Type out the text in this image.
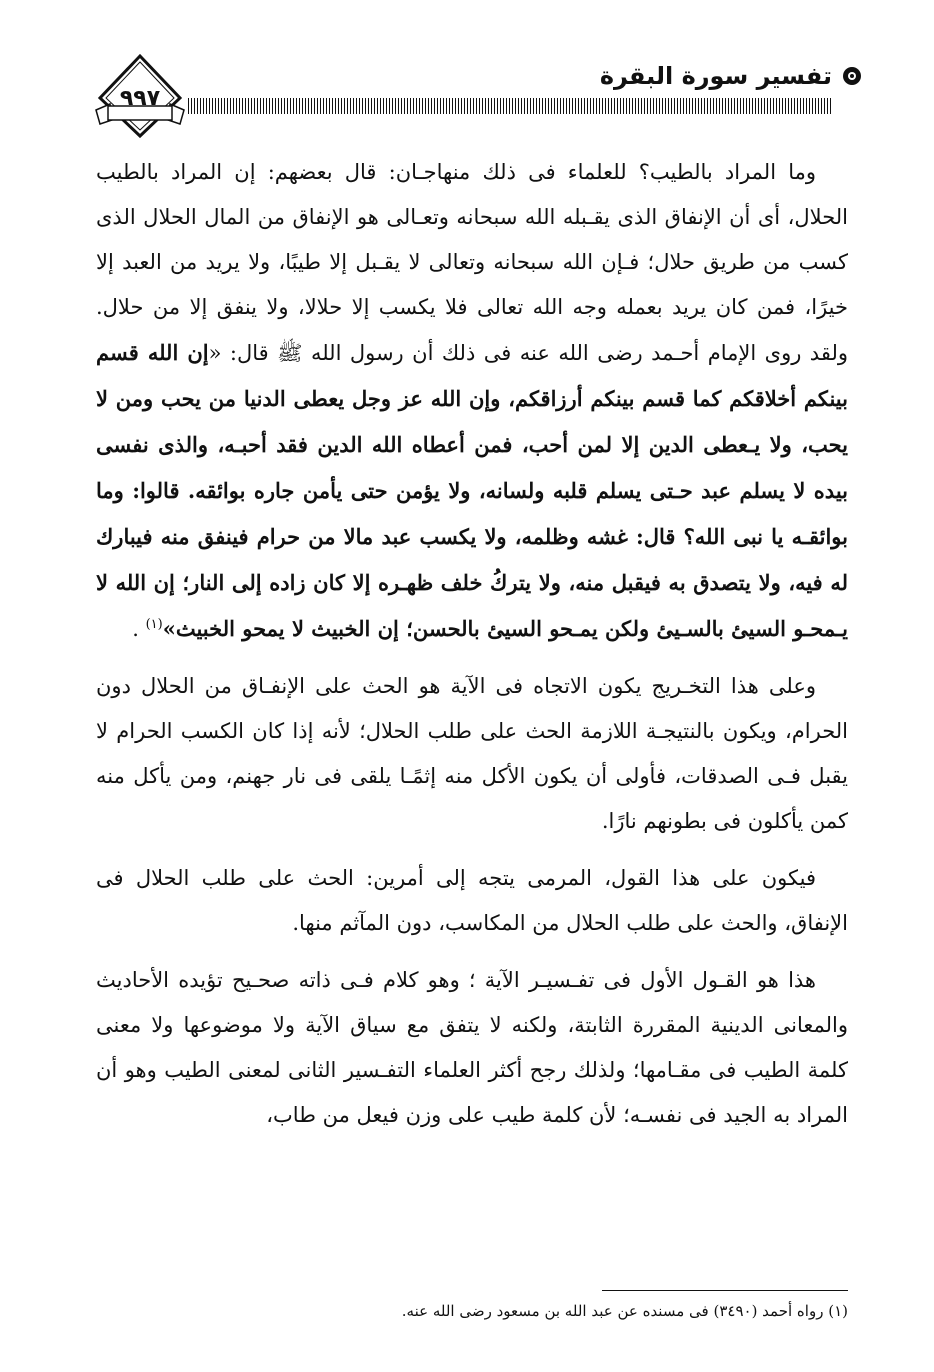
تفسير سورة البقرة
٩٩٧

وما المراد بالطيب؟ للعلماء فى ذلك منهاجـان: قال بعضهم: إن المراد بالطيب الحلال، أى أن الإنفاق الذى يقـبله الله سبحانه وتعـالى هو الإنفاق من المال الحلال الذى كسب من طريق حلال؛ فـإن الله سبحانه وتعالى لا يقـبل إلا طيبًا، ولا يريد من العبد إلا خيرًا، فمن كان يريد بعمله وجه الله تعالى فلا يكسب إلا حلالا، ولا ينفق إلا من حلال. ولقد روى الإمام أحـمد رضى الله عنه فى ذلك أن رسول الله ﷺ قال: «إن الله قسم بينكم أخلاقكم كما قسم بينكم أرزاقكم، وإن الله عز وجل يعطى الدنيا من يحب ومن لا يحب، ولا يـعطى الدين إلا لمن أحب، فمن أعطاه الله الدين فقد أحبـه، والذى نفسى بيده لا يسلم عبد حـتى يسلم قلبه ولسانه، ولا يؤمن حتى يأمن جاره بوائقه. قالوا: وما بوائقـه يا نبى الله؟ قال: غشه وظلمه، ولا يكسب عبد مالا من حرام فينفق منه فيبارك له فيه، ولا يتصدق به فيقبل منه، ولا يتركُ خلف ظهـره إلا كان زاده إلى النار؛ إن الله لا يـمحـو السيئ بالسـيئ ولكن يمـحو السيئ بالحسن؛ إن الخبيث لا يمحو الخبيث»$^{(١)}$ .

وعلى هذا التخـريج يكون الاتجاه فى الآية هو الحث على الإنفـاق من الحلال دون الحرام، ويكون بالنتيجـة اللازمة الحث على طلب الحلال؛ لأنه إذا كان الكسب الحرام لا يقبل فـى الصدقات، فأولى أن يكون الأكل منه إثمًـا يلقى فى نار جهنم، ومن يأكل منه كمن يأكلون فى بطونهم نارًا.

فيكون على هذا القول، المرمى يتجه إلى أمرين: الحث على طلب الحلال فى الإنفاق، والحث على طلب الحلال من المكاسب، دون المآثم منها.

هذا هو القـول الأول فى تفـسيـر الآية ؛ وهو كلام فـى ذاته صحـيح تؤيده الأحاديث والمعانى الدينية المقررة الثابتة، ولكنه لا يتفق مع سياق الآية ولا موضوعها ولا معنى كلمة الطيب فى مقـامها؛ ولذلك رجح أكثر العلماء التفـسير الثانى لمعنى الطيب وهو أن المراد به الجيد فى نفسـه؛ لأن كلمة طيب على وزن فيعل من طاب،

(١) رواه أحمد (٣٤٩٠) فى مسنده عن عبد الله بن مسعود رضى الله عنه.
